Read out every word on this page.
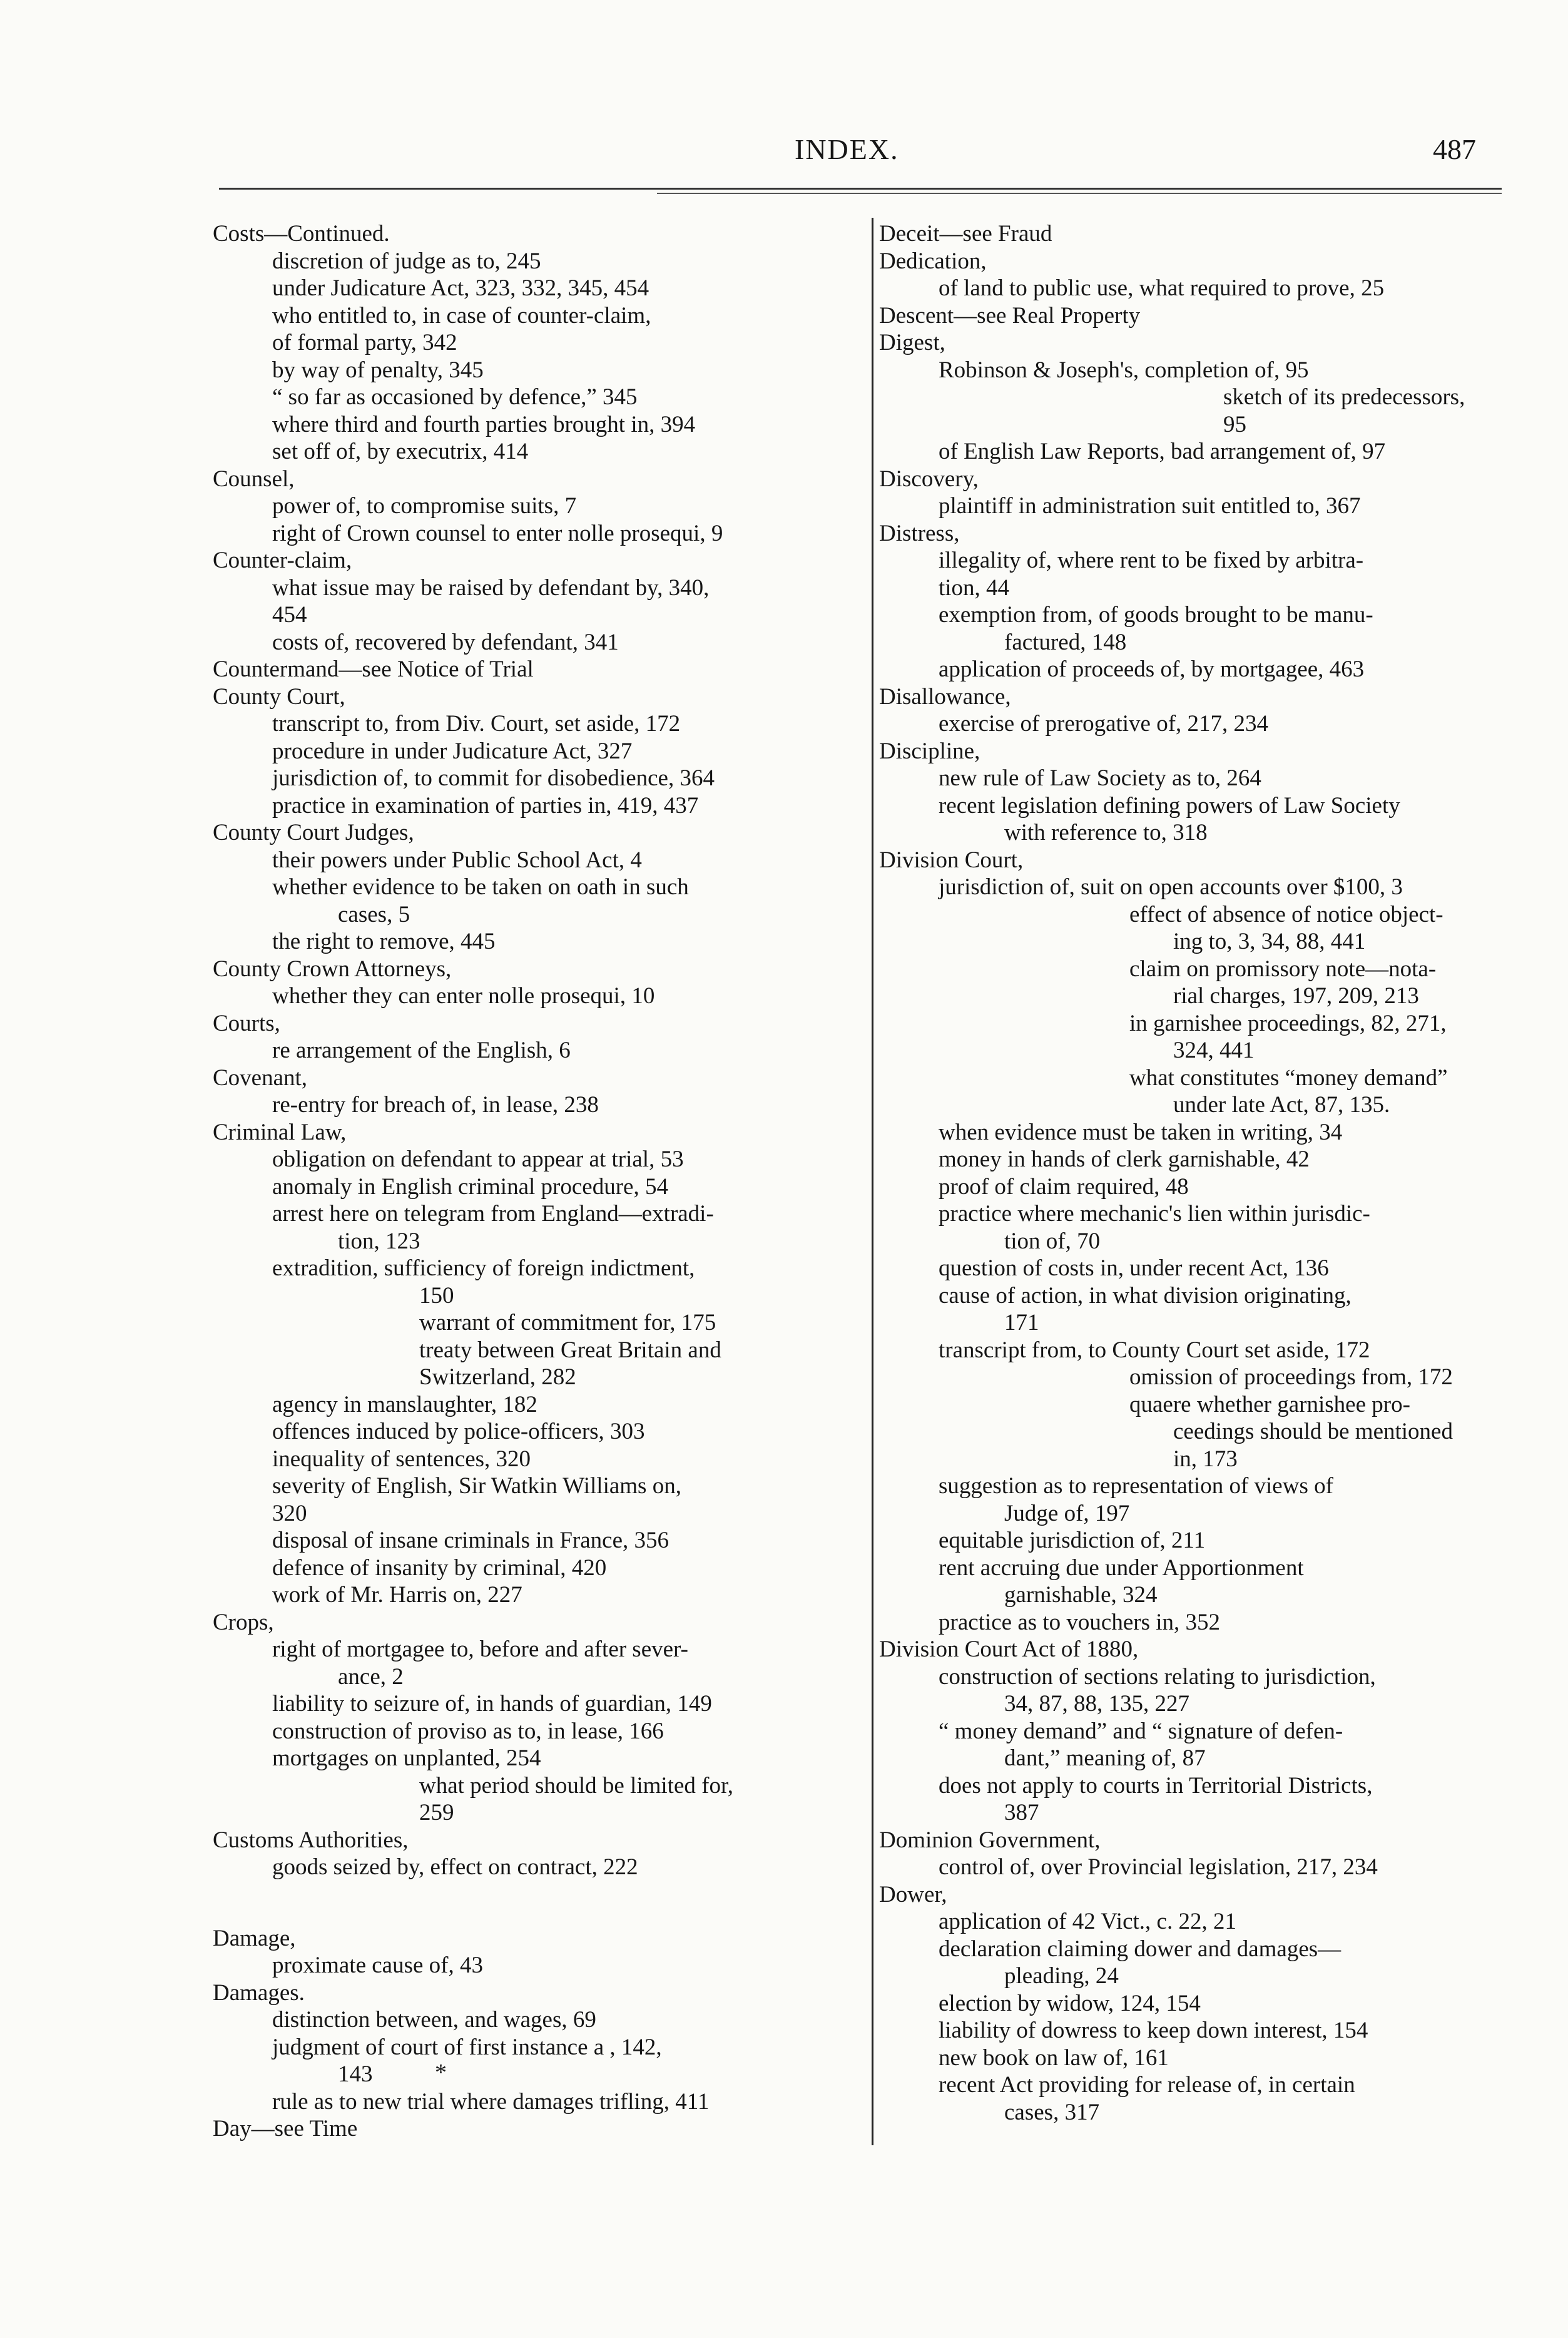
INDEX.	487
Costs—Continued.
discretion of judge as to, 245
under Judicature Act, 323, 332, 345, 454
who entitled to, in case of counter-claim,
of formal party, 342
by way of penalty, 345
“ so far as occasioned by defence,” 345
where third and fourth parties brought in, 394
set off of, by executrix, 414
Counsel,
power of, to compromise suits, 7
right of Crown counsel to enter nolle prosequi, 9
Counter-claim,
what issue may be raised by defendant by, 340,
454
costs of, recovered by defendant, 341
Countermand—see Notice of Trial
County Court,
transcript to, from Div. Court, set aside, 172
procedure in under Judicature Act, 327
jurisdiction of, to commit for disobedience, 364
practice in examination of parties in, 419, 437
County Court Judges,
their powers under Public School Act, 4
whether evidence to be taken on oath in such
cases, 5
the right to remove, 445
County Crown Attorneys,
whether they can enter nolle prosequi, 10
Courts,
re arrangement of the English, 6
Covenant,
re-entry for breach of, in lease, 238
Criminal Law,
obligation on defendant to appear at trial, 53
anomaly in English criminal procedure, 54
arrest here on telegram from England—extradi-
tion, 123
extradition, sufficiency of foreign indictment,
150
warrant of commitment for, 175
treaty between Great Britain and
Switzerland, 282
agency in manslaughter, 182
offences induced by police-officers, 303
inequality of sentences, 320
severity of English, Sir Watkin Williams on,
320
disposal of insane criminals in France, 356
defence of insanity by criminal, 420
work of Mr. Harris on, 227
Crops,
right of mortgagee to, before and after sever-
ance, 2
liability to seizure of, in hands of guardian, 149
construction of proviso as to, in lease, 166
mortgages on unplanted, 254
what period should be limited for,
259
Customs Authorities,
goods seized by, effect on contract, 222
Damage,
proximate cause of, 43
Damages.
distinction between, and wages, 69
judgment of court of first instance a , 142,
143
rule as to new trial where damages trifling, 411
Day—see Time
Deceit—see Fraud
Dedication,
of land to public use, what required to prove, 25
Descent—see Real Property
Digest,
Robinson & Joseph's, completion of, 95
sketch of its predecessors,
95
of English Law Reports, bad arrangement of, 97
Discovery,
plaintiff in administration suit entitled to, 367
Distress,
illegality of, where rent to be fixed by arbitra-
tion, 44
exemption from, of goods brought to be manu-
factured, 148
application of proceeds of, by mortgagee, 463
Disallowance,
exercise of prerogative of, 217, 234
Discipline,
new rule of Law Society as to, 264
recent legislation defining powers of Law Society
with reference to, 318
Division Court,
jurisdiction of, suit on open accounts over $100, 3
effect of absence of notice object-
ing to, 3, 34, 88, 441
claim on promissory note—nota-
rial charges, 197, 209, 213
in garnishee proceedings, 82, 271,
324, 441
what constitutes “money demand”
under late Act, 87, 135.
when evidence must be taken in writing, 34
money in hands of clerk garnishable, 42
proof of claim required, 48
practice where mechanic's lien within jurisdic-
tion of, 70
question of costs in, under recent Act, 136
cause of action, in what division originating,
171
transcript from, to County Court set aside, 172
omission of proceedings from, 172
quaere whether garnishee pro-
ceedings should be mentioned
in, 173
suggestion as to representation of views of
Judge of, 197
equitable jurisdiction of, 211
rent accruing due under Apportionment
garnishable, 324
practice as to vouchers in, 352
Division Court Act of 1880,
construction of sections relating to jurisdiction,
34, 87, 88, 135, 227
“ money demand” and “ signature of defen-
dant,” meaning of, 87
does not apply to courts in Territorial Districts,
387
Dominion Government,
control of, over Provincial legislation, 217, 234
Dower,
application of 42 Vict., c. 22, 21
declaration claiming dower and damages—
pleading, 24
election by widow, 124, 154
liability of dowress to keep down interest, 154
new book on law of, 161
recent Act providing for release of, in certain
cases, 317
*
